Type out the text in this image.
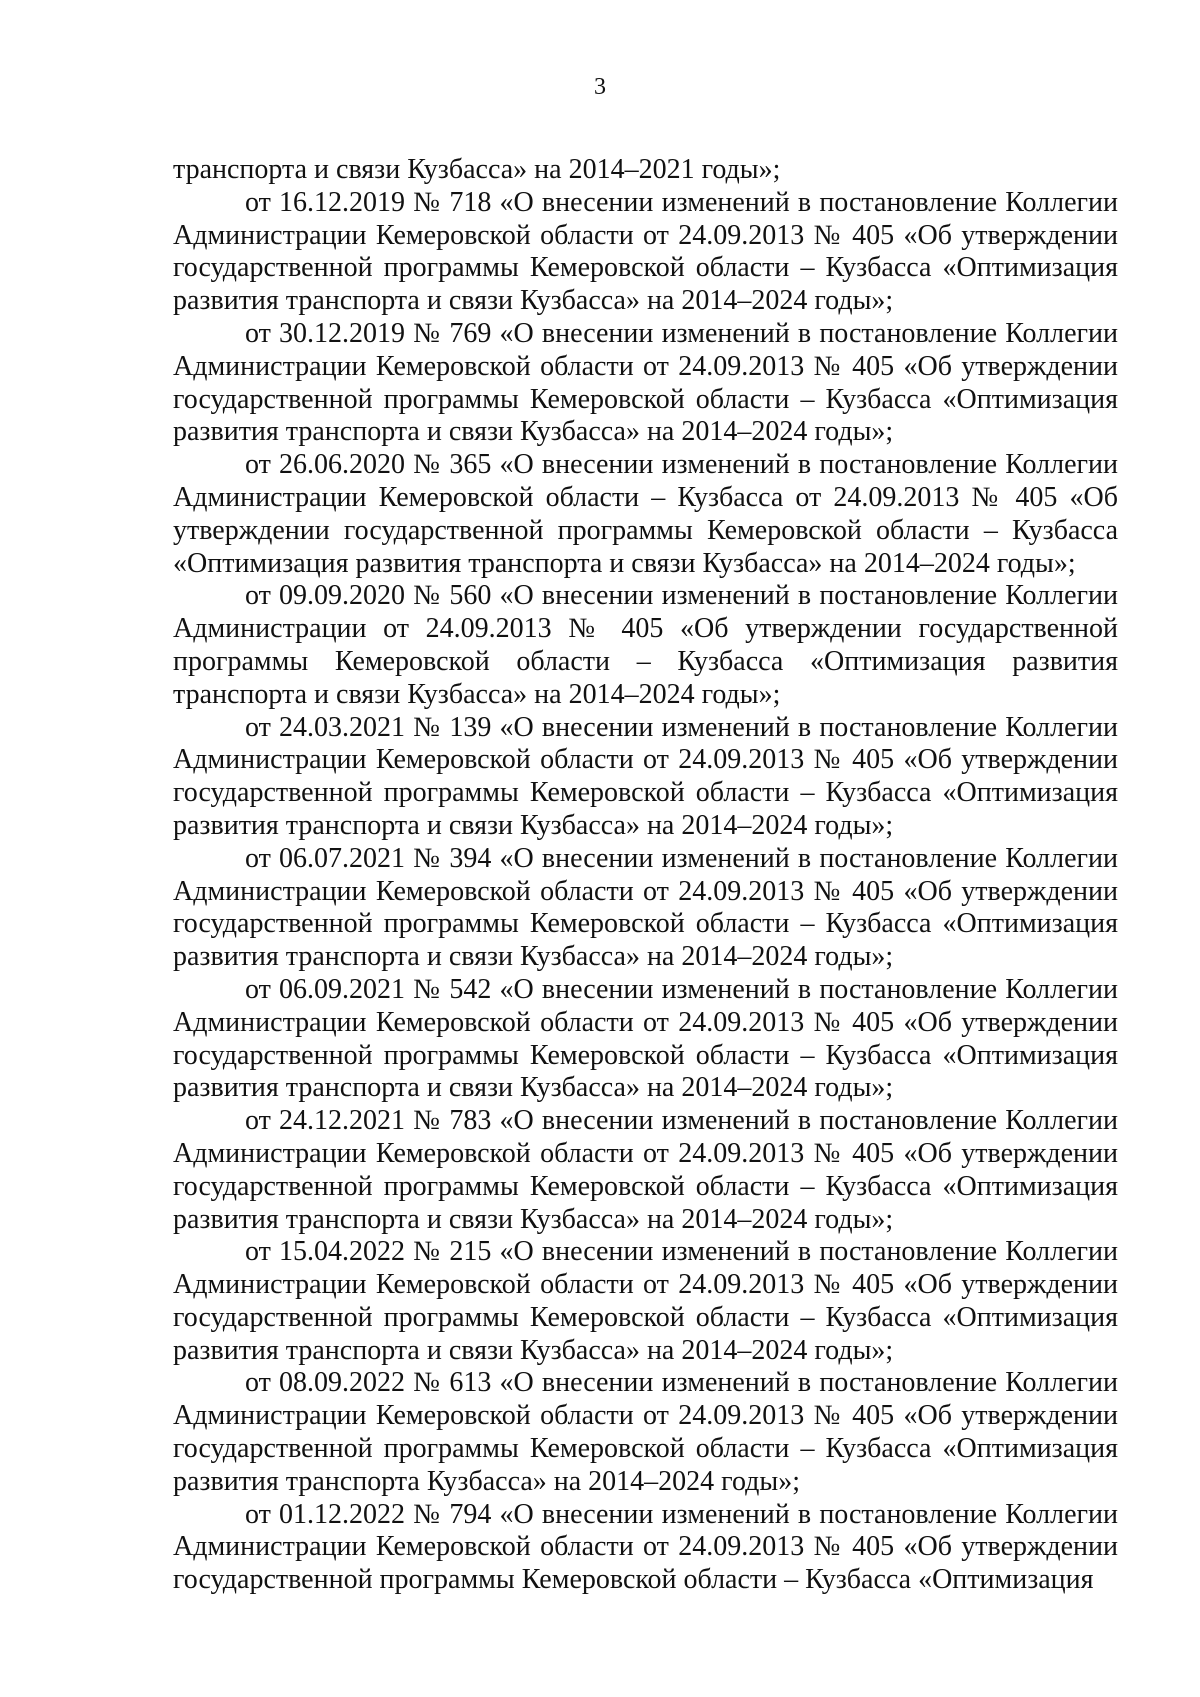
3

транспорта и связи Кузбасса» на 2014–2021 годы»;

от 16.12.2019 № 718 «О внесении изменений в постановление Коллегии Администрации Кемеровской области от 24.09.2013 № 405 «Об утверждении государственной программы Кемеровской области – Кузбасса «Оптимизация развития транспорта и связи Кузбасса» на 2014–2024 годы»;

от 30.12.2019 № 769 «О внесении изменений в постановление Коллегии Администрации Кемеровской области от 24.09.2013 № 405 «Об утверждении государственной программы Кемеровской области – Кузбасса «Оптимизация развития транспорта и связи Кузбасса» на 2014–2024 годы»;

от 26.06.2020 № 365 «О внесении изменений в постановление Коллегии Администрации Кемеровской области – Кузбасса от 24.09.2013 № 405 «Об утверждении государственной программы Кемеровской области – Кузбасса «Оптимизация развития транспорта и связи Кузбасса» на 2014–2024 годы»;

от 09.09.2020 № 560 «О внесении изменений в постановление Коллегии Администрации от 24.09.2013 № 405 «Об утверждении государственной программы Кемеровской области – Кузбасса «Оптимизация развития транспорта и связи Кузбасса» на 2014–2024 годы»;

от 24.03.2021 № 139 «О внесении изменений в постановление Коллегии Администрации Кемеровской области от 24.09.2013 № 405 «Об утверждении государственной программы Кемеровской области – Кузбасса «Оптимизация развития транспорта и связи Кузбасса» на 2014–2024 годы»;

от 06.07.2021 № 394 «О внесении изменений в постановление Коллегии Администрации Кемеровской области от 24.09.2013 № 405 «Об утверждении государственной программы Кемеровской области – Кузбасса «Оптимизация развития транспорта и связи Кузбасса» на 2014–2024 годы»;

от 06.09.2021 № 542 «О внесении изменений в постановление Коллегии Администрации Кемеровской области от 24.09.2013 № 405 «Об утверждении государственной программы Кемеровской области – Кузбасса «Оптимизация развития транспорта и связи Кузбасса» на 2014–2024 годы»;

от 24.12.2021 № 783 «О внесении изменений в постановление Коллегии Администрации Кемеровской области от 24.09.2013 № 405 «Об утверждении государственной программы Кемеровской области – Кузбасса «Оптимизация развития транспорта и связи Кузбасса» на 2014–2024 годы»;

от 15.04.2022 № 215 «О внесении изменений в постановление Коллегии Администрации Кемеровской области от 24.09.2013 № 405 «Об утверждении государственной программы Кемеровской области – Кузбасса «Оптимизация развития транспорта и связи Кузбасса» на 2014–2024 годы»;

от 08.09.2022 № 613 «О внесении изменений в постановление Коллегии Администрации Кемеровской области от 24.09.2013 № 405 «Об утверждении государственной программы Кемеровской области – Кузбасса «Оптимизация развития транспорта Кузбасса» на 2014–2024 годы»;

от 01.12.2022 № 794 «О внесении изменений в постановление Коллегии Администрации Кемеровской области от 24.09.2013 № 405 «Об утверждении государственной программы Кемеровской области – Кузбасса «Оптимизация
